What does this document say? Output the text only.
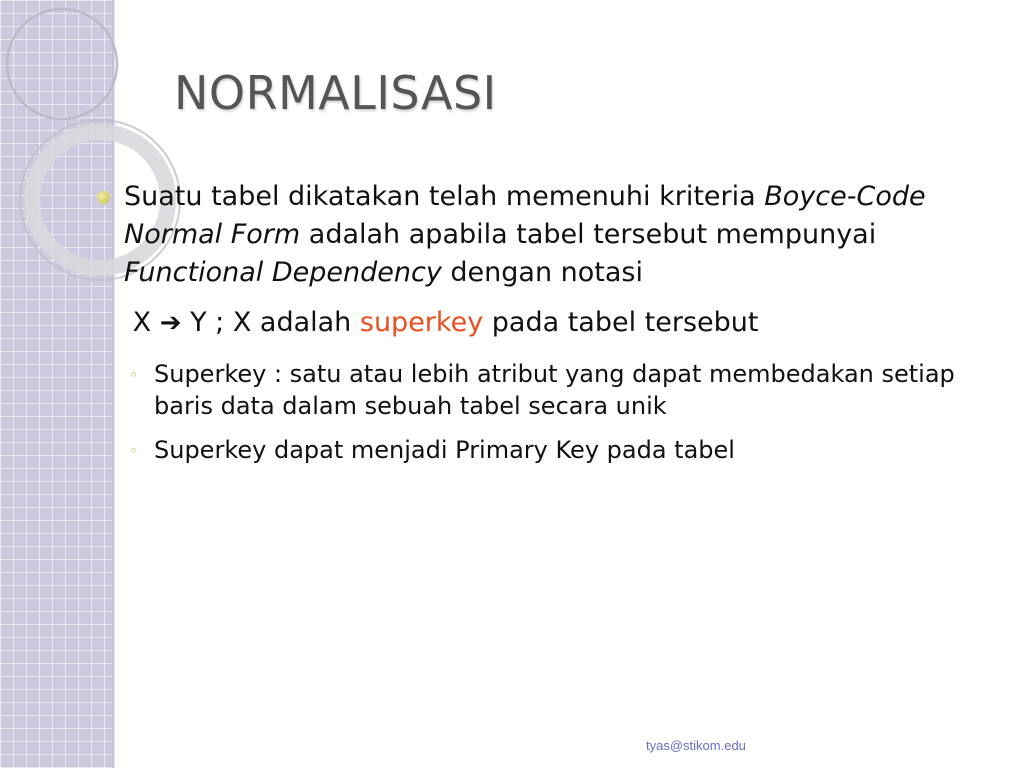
NORMALISASI

Suatu tabel dikatakan telah memenuhi kriteria Boyce-Code Normal Form adalah apabila tabel tersebut mempunyai Functional Dependency dengan notasi

X ➔ Y ; X adalah superkey pada tabel tersebut

◦ Superkey : satu atau lebih atribut yang dapat membedakan setiap baris data dalam sebuah tabel secara unik

◦ Superkey dapat menjadi Primary Key pada tabel

tyas@stikom.edu
